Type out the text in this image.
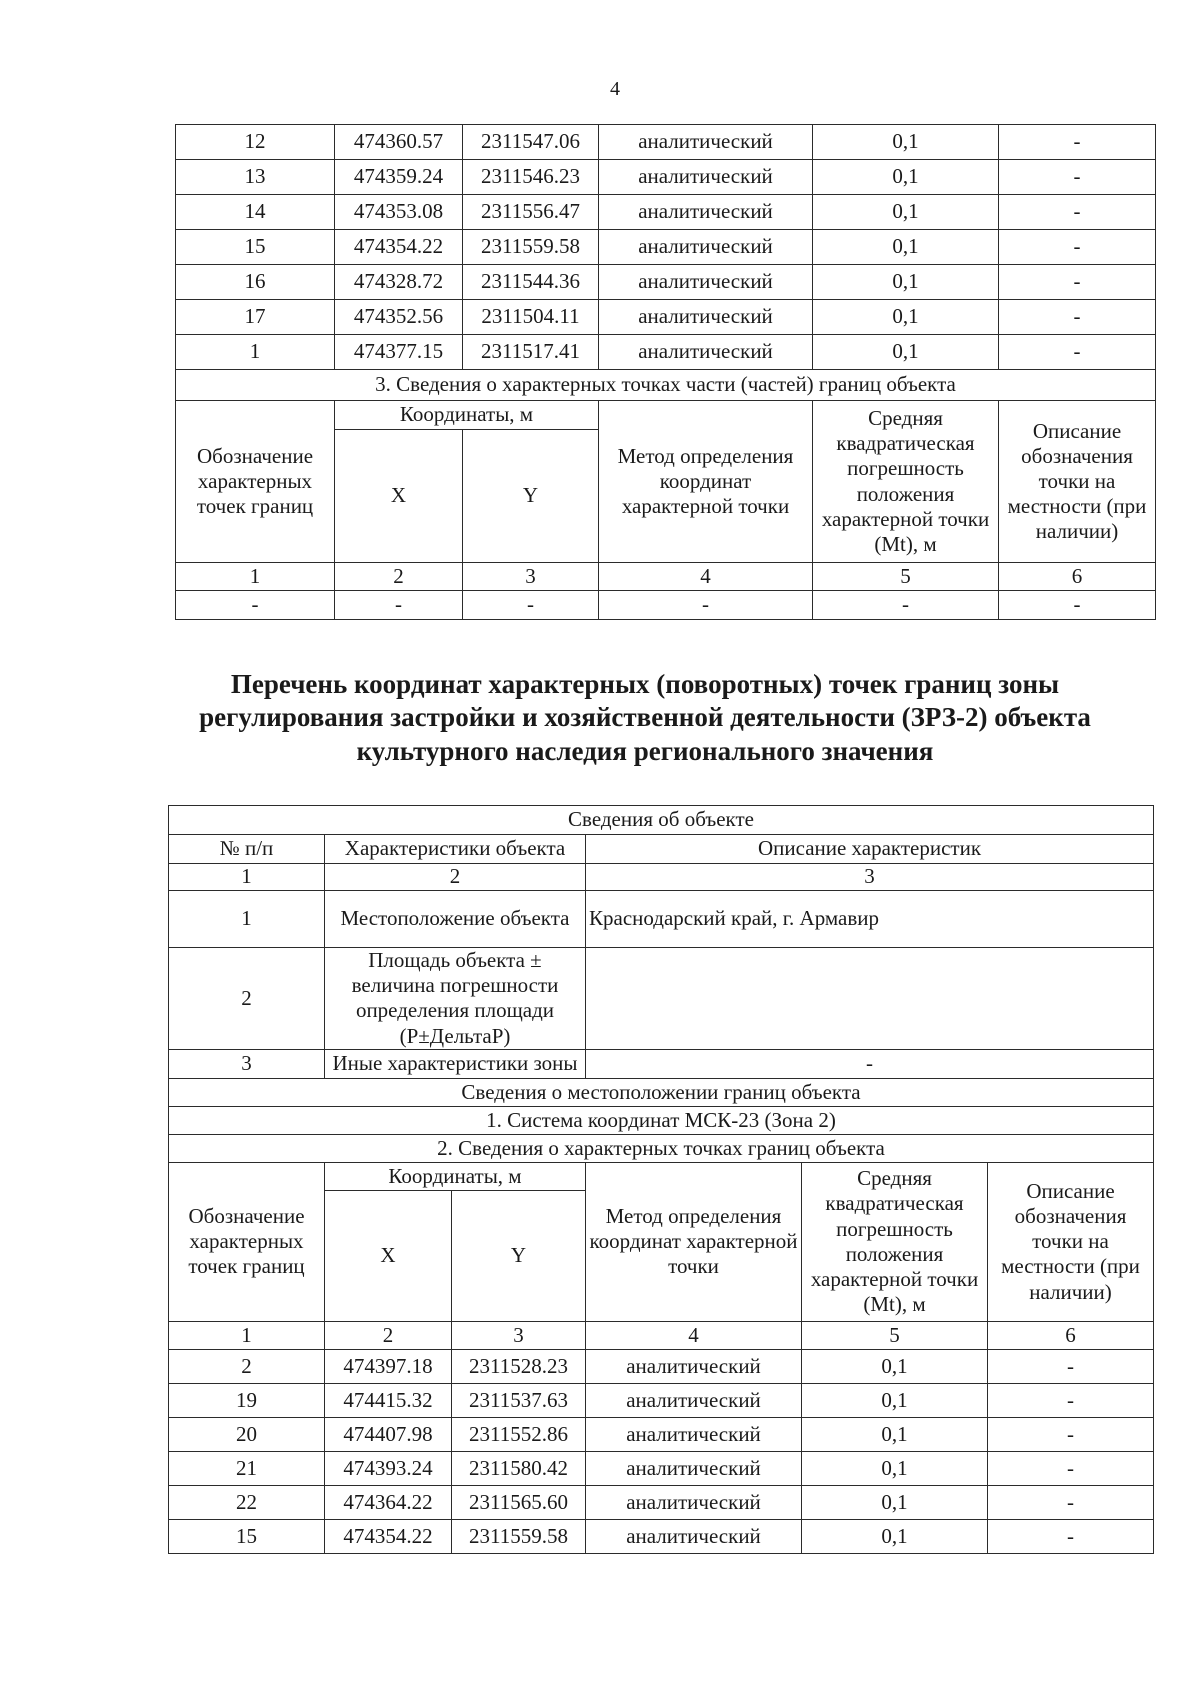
4
12	474360.57	2311547.06	аналитический	0,1	-
13	474359.24	2311546.23	аналитический	0,1	-
14	474353.08	2311556.47	аналитический	0,1	-
15	474354.22	2311559.58	аналитический	0,1	-
16	474328.72	2311544.36	аналитический	0,1	-
17	474352.56	2311504.11	аналитический	0,1	-
1	474377.15	2311517.41	аналитический	0,1	-
3. Сведения о характерных точках части (частей) границ объекта					
Обозначение характерных точек границ	Координаты, м		Метод определения координат характерной точки	Средняя квадратическая погрешность положения характерной точки (Mt), м	Описание обозначения точки на местности (при наличии)
	X	Y			
1	2	3	4	5	6
-	-	-	-	-	-
Перечень координат характерных (поворотных) точек границ зоны регулирования застройки и хозяйственной деятельности (ЗРЗ-2) объекта культурного наследия регионального значения
Сведения об объекте					
№ п/п	Характеристики объекта		Описание характеристик		
1	2		3		
1	Местоположение объекта		Краснодарский край, г. Армавир		
2	Площадь объекта ± величина погрешности определения площади (Р±ДельтаР)				
3	Иные характеристики зоны		-		
Сведения о местоположении границ объекта					
1. Система координат МСК-23 (Зона 2)					
2. Сведения о характерных точках границ объекта					
Обозначение характерных точек границ	Координаты, м		Метод определения координат характерной точки	Средняя квадратическая погрешность положения характерной точки (Mt), м	Описание обозначения точки на местности (при наличии)
	X	Y			
1	2	3	4	5	6
2	474397.18	2311528.23	аналитический	0,1	-
19	474415.32	2311537.63	аналитический	0,1	-
20	474407.98	2311552.86	аналитический	0,1	-
21	474393.24	2311580.42	аналитический	0,1	-
22	474364.22	2311565.60	аналитический	0,1	-
15	474354.22	2311559.58	аналитический	0,1	-
